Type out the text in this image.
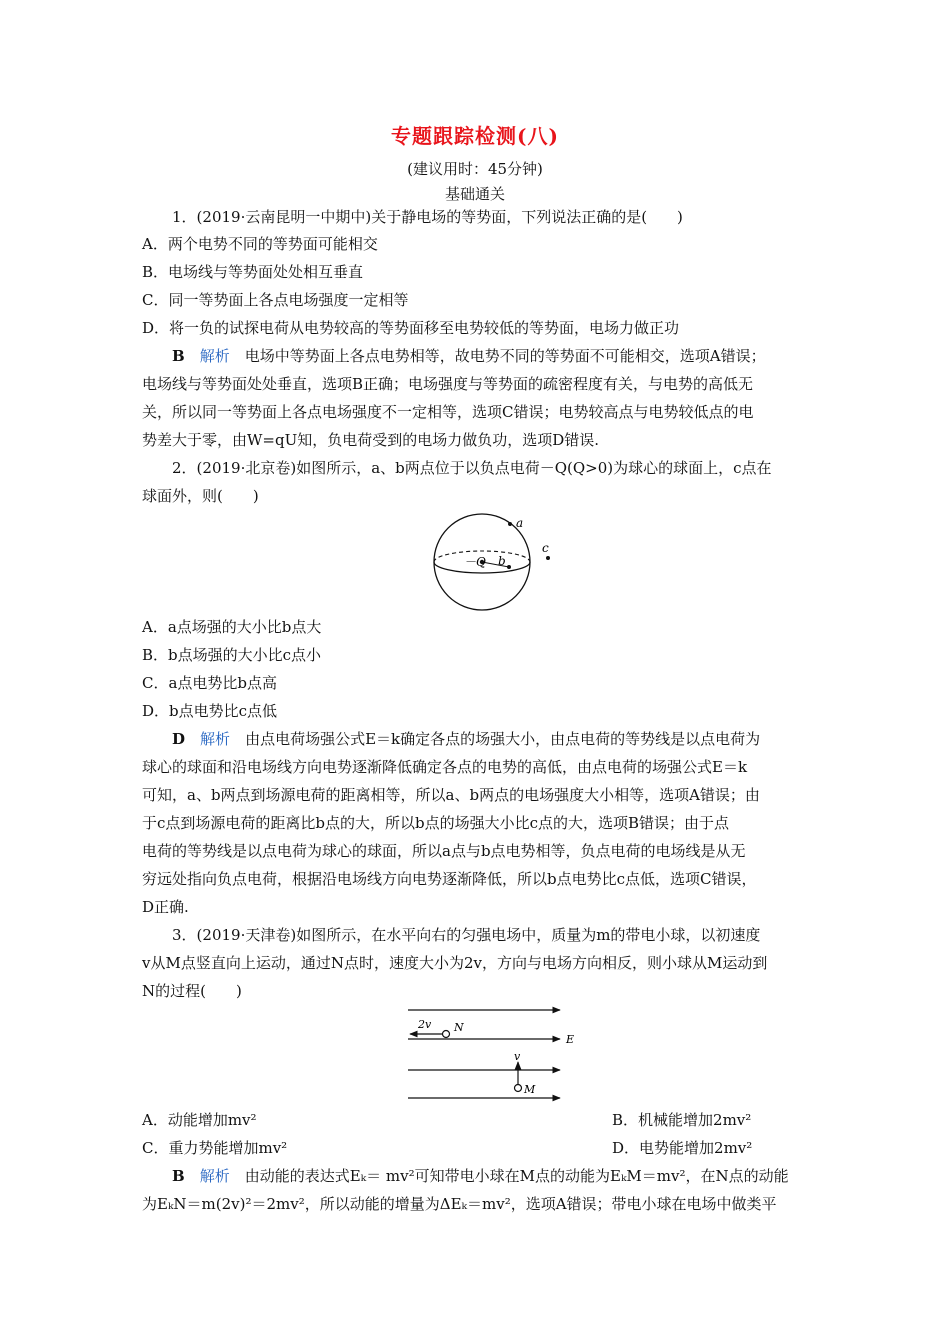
专题跟踪检测(八)
(建议用时：45分钟)
基础通关
1．(2019·云南昆明一中期中)关于静电场的等势面，下列说法正确的是(　　)
A．两个电势不同的等势面可能相交
B．电场线与等势面处处相互垂直
C．同一等势面上各点电场强度一定相等
D．将一负的试探电荷从电势较高的等势面移至电势较低的等势面，电场力做正功
B　 解析　 电场中等势面上各点电势相等，故电势不同的等势面不可能相交，选项A错误；
电场线与等势面处处垂直，选项B正确；电场强度与等势面的疏密程度有关，与电势的高低无
关，所以同一等势面上各点电场强度不一定相等，选项C错误；电势较高点与电势较低点的电
势差大于零，由W=qU知，负电荷受到的电场力做负功，选项D错误.
2．(2019·北京卷)如图所示，a、b两点位于以负点电荷－Q(Q>0)为球心的球面上，c点在
球面外，则(　　)
a
－Q b
c
A．a点场强的大小比b点大
B．b点场强的大小比c点小
C．a点电势比b点高
D．b点电势比c点低
D　 解析　 由点电荷场强公式E＝k确定各点的场强大小，由点电荷的等势线是以点电荷为
球心的球面和沿电场线方向电势逐渐降低确定各点的电势的高低，由点电荷的场强公式E＝k
可知，a、b两点到场源电荷的距离相等，所以a、b两点的电场强度大小相等，选项A错误；由
于c点到场源电荷的距离比b点的大，所以b点的场强大小比c点的大，选项B错误；由于点
电荷的等势线是以点电荷为球心的球面，所以a点与b点电势相等，负点电荷的电场线是从无
穷远处指向负点电荷，根据沿电场线方向电势逐渐降低，所以b点电势比c点低，选项C错误，
D正确.
3．(2019·天津卷)如图所示，在水平向右的匀强电场中，质量为m的带电小球，以初速度
v从M点竖直向上运动，通过N点时，速度大小为2v，方向与电场方向相反，则小球从M运动到
N的过程(　　)
2v N
E
v
M
A．动能增加mv²	B．机械能增加2mv²
C．重力势能增加mv²	D．电势能增加2mv²
B　 解析　 由动能的表达式Eₖ＝ mv²可知带电小球在M点的动能为EₖM＝mv²，在N点的动能
为EₖN＝m(2v)²＝2mv²，所以动能的增量为ΔEₖ＝mv²，选项A错误；带电小球在电场中做类平
